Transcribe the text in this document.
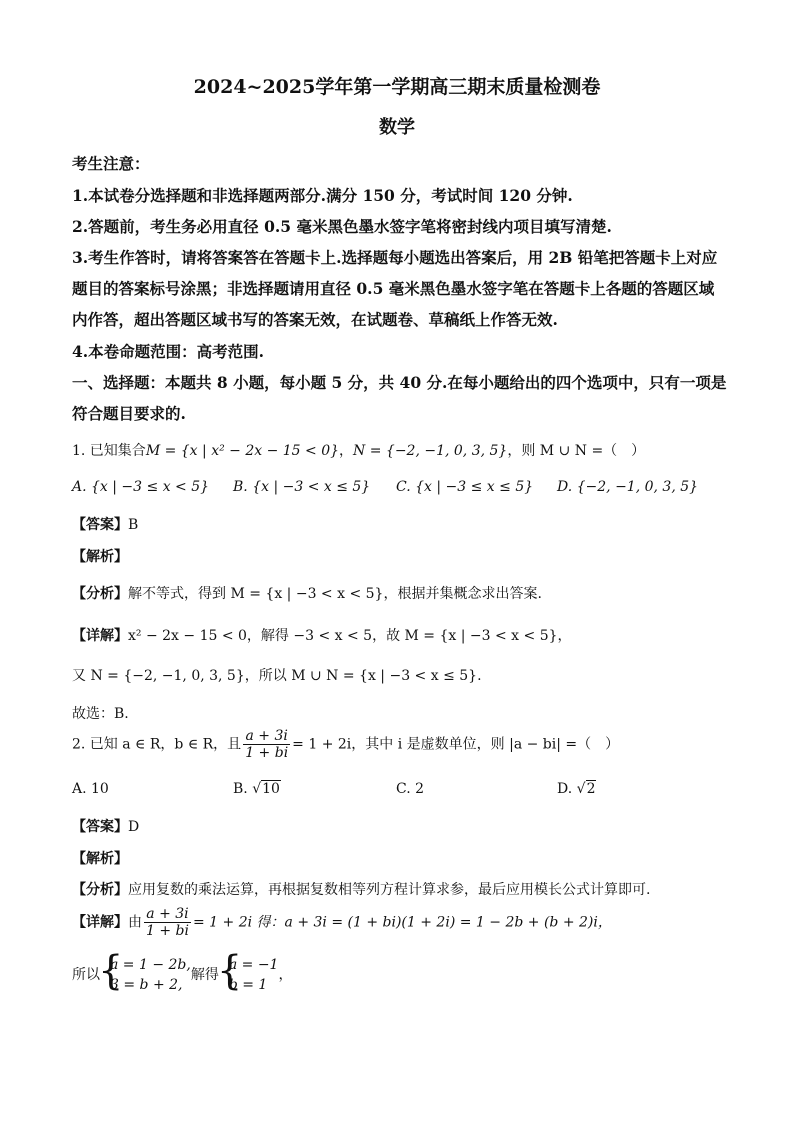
2024~2025学年第一学期高三期末质量检测卷
数学
考生注意：
1.本试卷分选择题和非选择题两部分.满分 150 分，考试时间 120 分钟.
2.答题前，考生务必用直径 0.5 毫米黑色墨水签字笔将密封线内项目填写清楚.
3.考生作答时，请将答案答在答题卡上.选择题每小题选出答案后，用 2B 铅笔把答题卡上对应
题目的答案标号涂黑；非选择题请用直径 0.5 毫米黑色墨水签字笔在答题卡上各题的答题区域
内作答，超出答题区域书写的答案无效，在试题卷、草稿纸上作答无效.
4.本卷命题范围：高考范围.
一、选择题：本题共 8 小题，每小题 5 分，共 40 分.在每小题给出的四个选项中，只有一项是
符合题目要求的.
1. 已知集合M = {x | x² − 2x − 15 < 0}，N = {−2, −1, 0, 3, 5}，则 M ∪ N =（　）
A. {x | −3 ≤ x < 5} B. {x | −3 < x ≤ 5} C. {x | −3 ≤ x ≤ 5} D. {−2, −1, 0, 3, 5}
【答案】B
【解析】
【分析】解不等式，得到 M = {x | −3 < x < 5}，根据并集概念求出答案.
【详解】x² − 2x − 15 < 0，解得 −3 < x < 5，故 M = {x | −3 < x < 5}，
又 N = {−2, −1, 0, 3, 5}，所以 M ∪ N = {x | −3 < x ≤ 5}.
故选：B.
2. 已知 a ∈ R，b ∈ R，且 $\frac{a + 3i}{1 + bi} = 1 + 2i$，其中 i 是虚数单位，则 |a − bi| =（　）
A. 10	B. √10	C. 2	D. √2
【答案】D
【解析】
【分析】应用复数的乘法运算，再根据复数相等列方程计算求参，最后应用模长公式计算即可.
【详解】由 $\frac{a + 3i}{1 + bi} = 1 + 2i$ 得：a + 3i = (1 + bi)(1 + 2i) = 1 − 2b + (b + 2)i，
所以
{ a = 1 − 2b,
3 = b + 2,
解得
{ a = −1
b = 1
，
